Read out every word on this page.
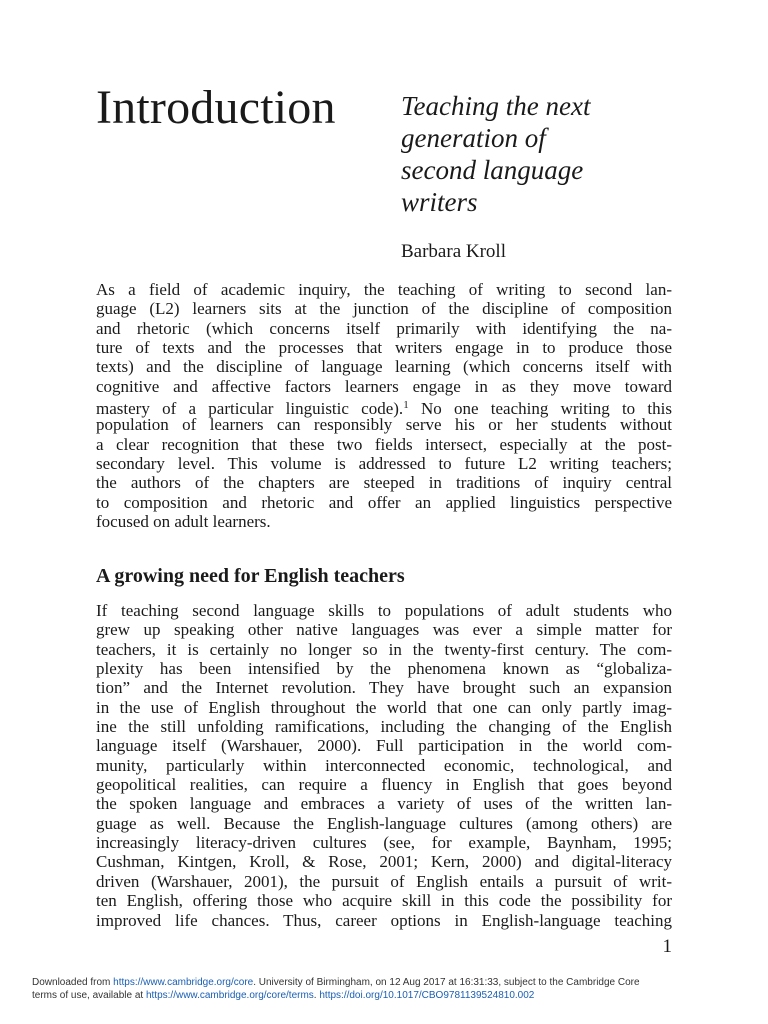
Introduction Teaching the next
generation of
second language
writers
Barbara Kroll
As a field of academic inquiry, the teaching of writing to second lan-
guage (L2) learners sits at the junction of the discipline of composition
and rhetoric (which concerns itself primarily with identifying the na-
ture of texts and the processes that writers engage in to produce those
texts) and the discipline of language learning (which concerns itself with
cognitive and affective factors learners engage in as they move toward
mastery of a particular linguistic code).$^1$ No one teaching writing to this
population of learners can responsibly serve his or her students without
a clear recognition that these two fields intersect, especially at the post-
secondary level. This volume is addressed to future L2 writing teachers;
the authors of the chapters are steeped in traditions of inquiry central
to composition and rhetoric and offer an applied linguistics perspective
focused on adult learners.
A growing need for English teachers
If teaching second language skills to populations of adult students who
grew up speaking other native languages was ever a simple matter for
teachers, it is certainly no longer so in the twenty-first century. The com-
plexity has been intensified by the phenomena known as “globaliza-
tion” and the Internet revolution. They have brought such an expansion
in the use of English throughout the world that one can only partly imag-
ine the still unfolding ramifications, including the changing of the English
language itself (Warshauer, 2000). Full participation in the world com-
munity, particularly within interconnected economic, technological, and
geopolitical realities, can require a fluency in English that goes beyond
the spoken language and embraces a variety of uses of the written lan-
guage as well. Because the English-language cultures (among others) are
increasingly literacy-driven cultures (see, for example, Baynham, 1995;
Cushman, Kintgen, Kroll, & Rose, 2001; Kern, 2000) and digital-literacy
driven (Warshauer, 2001), the pursuit of English entails a pursuit of writ-
ten English, offering those who acquire skill in this code the possibility for
improved life chances. Thus, career options in English-language teaching
1
Downloaded from https://www.cambridge.org/core. University of Birmingham, on 12 Aug 2017 at 16:31:33, subject to the Cambridge Core
terms of use, available at https://www.cambridge.org/core/terms. https://doi.org/10.1017/CBO9781139524810.002
